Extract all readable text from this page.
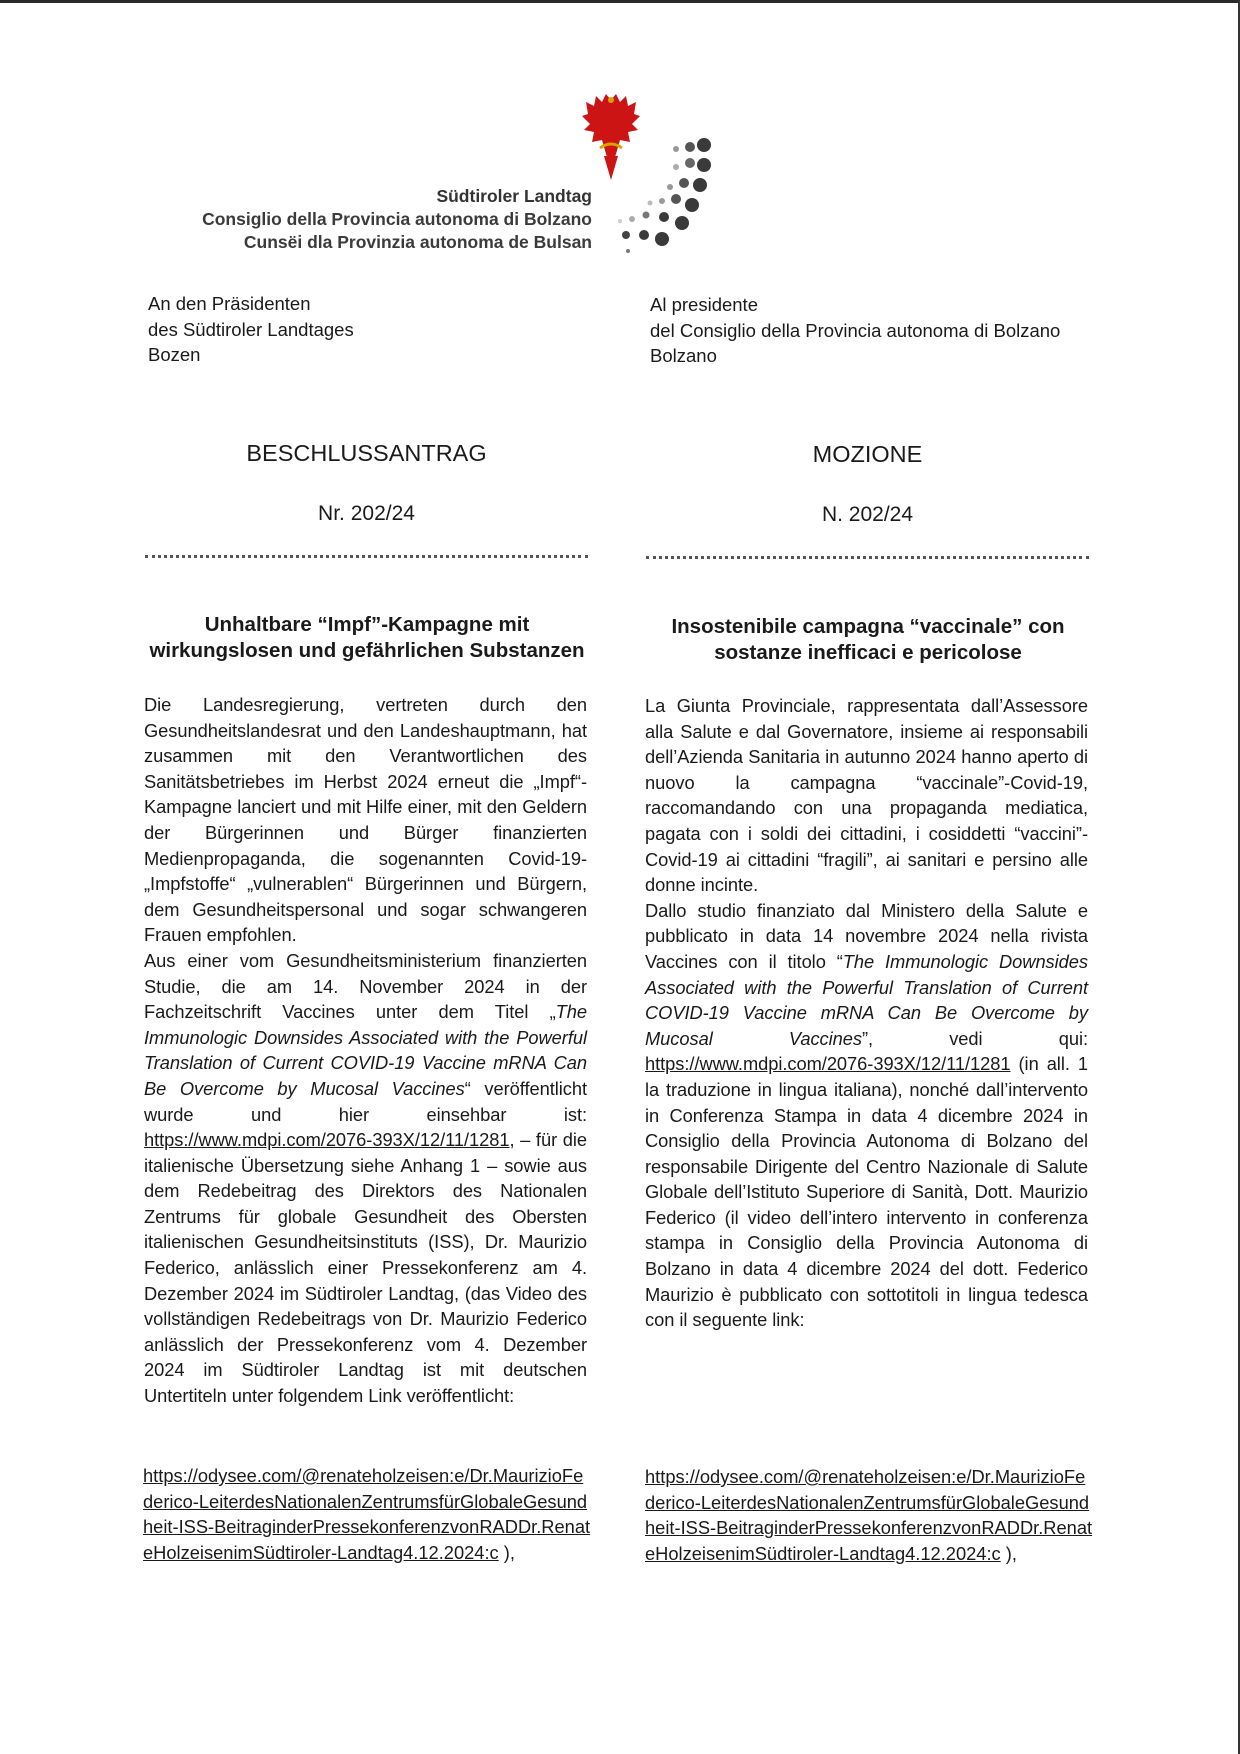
Südtiroler Landtag
Consiglio della Provincia autonoma di Bolzano
Cunsëi dla Provinzia autonoma de Bulsan
An den Präsidenten
des Südtiroler Landtages
Bozen
Al presidente
del Consiglio della Provincia autonoma di Bolzano
Bolzano
BESCHLUSSANTRAG	MOZIONE
Nr. 202/24	N. 202/24
Unhaltbare “Impf”-Kampagne mit wirkungslosen und gefährlichen Substanzen
Insostenibile campagna “vaccinale” con sostanze inefficaci e pericolose

Die Landesregierung, vertreten durch den Gesundheitslandesrat und den Landeshauptmann, hat zusammen mit den Verantwortlichen des Sanitätsbetriebes im Herbst 2024 erneut die „Impf“-Kampagne lanciert und mit Hilfe einer, mit den Geldern der Bürgerinnen und Bürger finanzierten Medienpropaganda, die sogenannten Covid-19-„Impfstoffe“ „vulnerablen“ Bürgerinnen und Bürgern, dem Gesundheitspersonal und sogar schwangeren Frauen empfohlen.

Aus einer vom Gesundheitsministerium finanzierten Studie, die am 14. November 2024 in der Fachzeitschrift Vaccines unter dem Titel „The Immunologic Downsides Associated with the Powerful Translation of Current COVID-19 Vaccine mRNA Can Be Overcome by Mucosal Vaccines“ veröffentlicht wurde und hier einsehbar ist: https://www.mdpi.com/2076-393X/12/11/1281, – für die italienische Übersetzung siehe Anhang 1 – sowie aus dem Redebeitrag des Direktors des Nationalen Zentrums für globale Gesundheit des Obersten italienischen Gesundheitsinstituts (ISS), Dr. Maurizio Federico, anlässlich einer Pressekonferenz am 4. Dezember 2024 im Südtiroler Landtag, (das Video des vollständigen Redebeitrags von Dr. Maurizio Federico anlässlich der Pressekonferenz vom 4. Dezember 2024 im Südtiroler Landtag ist mit deutschen Untertiteln unter folgendem Link veröffentlicht:

La Giunta Provinciale, rappresentata dall’Assessore alla Salute e dal Governatore, insieme ai responsabili dell’Azienda Sanitaria in autunno 2024 hanno aperto di nuovo la campagna “vaccinale”-Covid-19, raccomandando con una propaganda mediatica, pagata con i soldi dei cittadini, i cosiddetti “vaccini”-Covid-19 ai cittadini “fragili”, ai sanitari e persino alle donne incinte.

Dallo studio finanziato dal Ministero della Salute e pubblicato in data 14 novembre 2024 nella rivista Vaccines con il titolo “The Immunologic Downsides Associated with the Powerful Translation of Current COVID-19 Vaccine mRNA Can Be Overcome by Mucosal Vaccines”, vedi qui: https://www.mdpi.com/2076-393X/12/11/1281 (in all. 1 la traduzione in lingua italiana), nonché dall’intervento in Conferenza Stampa in data 4 dicembre 2024 in Consiglio della Provincia Autonoma di Bolzano del responsabile Dirigente del Centro Nazionale di Salute Globale dell’Istituto Superiore di Sanità, Dott. Maurizio Federico (il video dell’intero intervento in conferenza stampa in Consiglio della Provincia Autonoma di Bolzano in data 4 dicembre 2024 del dott. Federico Maurizio è pubblicato con sottotitoli in lingua tedesca con il seguente link:

https://odysee.com/@renateholzeisen:e/Dr.MaurizioFederico-LeiterdesNationalenZentrumsfürGlobaleGesundheit-ISS-BeitraginderPressekonferenzvonRADDr.RenateHolzeisenimSüdtiroler-Landtag4.12.2024:c ),
https://odysee.com/@renateholzeisen:e/Dr.MaurizioFederico-LeiterdesNationalenZentrumsfürGlobaleGesundheit-ISS-BeitraginderPressekonferenzvonRADDr.RenateHolzeisenimSüdtiroler-Landtag4.12.2024:c ),
